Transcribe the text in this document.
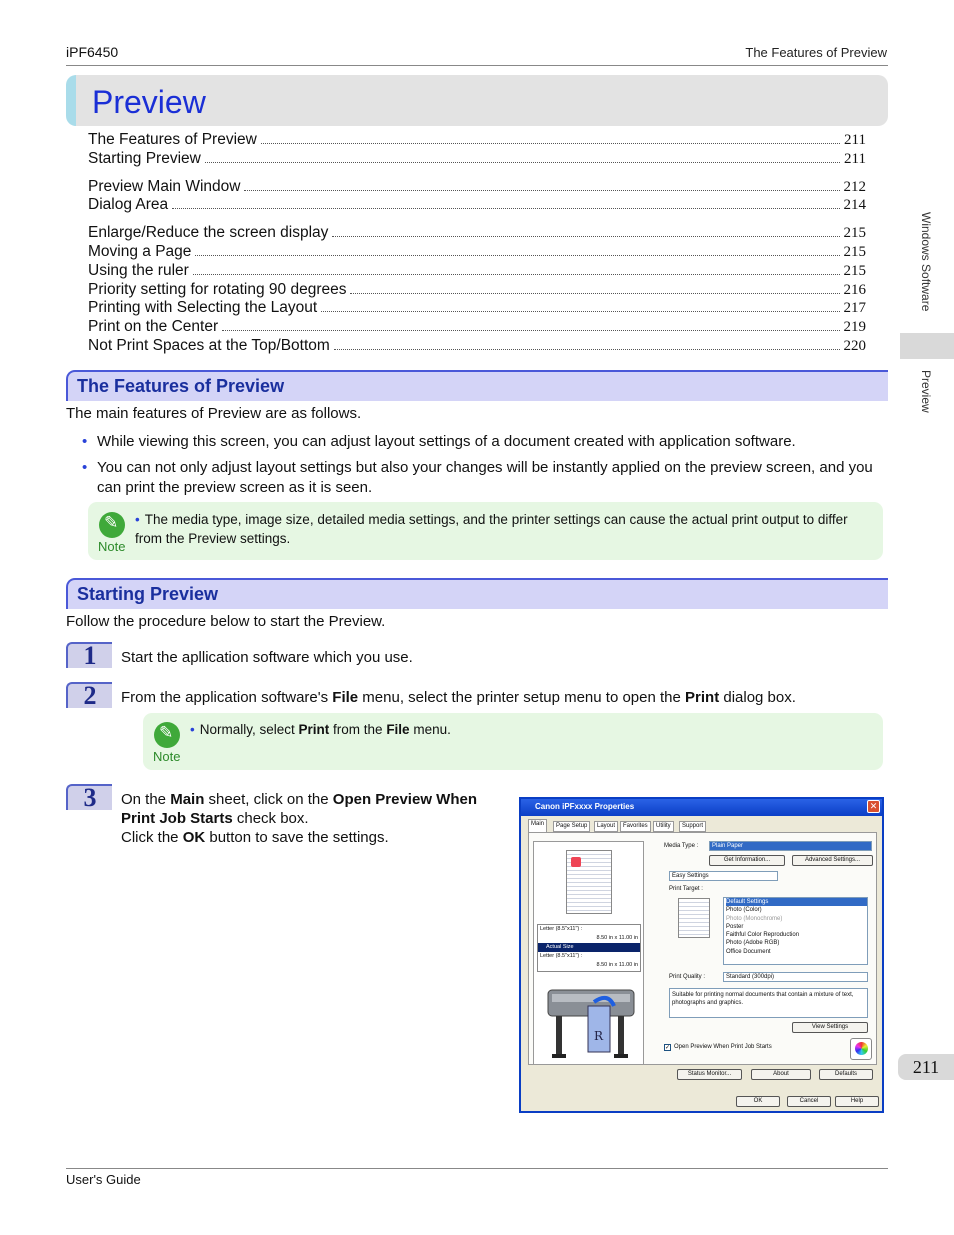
iPF6450	The Features of Preview
Preview
The Features of Preview	211
Starting Preview	211
Preview Main Window	212
Dialog Area	214
Enlarge/Reduce the screen display	215
Moving a Page	215
Using the ruler	215
Priority setting for rotating 90 degrees	216
Printing with Selecting the Layout	217
Print on the Center	219
Not Print Spaces at the Top/Bottom	220
The Features of Preview
The main features of Preview are as follows.
• While viewing this screen, you can adjust layout settings of a document created with application software.
• You can not only adjust layout settings but also your changes will be instantly applied on the preview screen, and you can print the preview screen as it is seen.
✎
Note
• The media type, image size, detailed media settings, and the printer settings can cause the actual print output to differ from the Preview settings.
Starting Preview
Follow the procedure below to start the Preview.
1	Start the apllication software which you use.
2	From the application software's File menu, select the printer setup menu to open the Print dialog box.
✎
Note
• Normally, select Print from the File menu.
3	On the Main sheet, click on the Open Preview When Print Job Starts check box.
Click the OK button to save the settings.
Canon iPFxxxx Properties	✕
Main	Page Setup	Layout	Favorites	Utility	Support
Letter (8.5"x11") :
8.50 in x 11.00 in
Actual Size
Letter (8.5"x11") :
8.50 in x 11.00 in
R
Media Type :	Plain Paper
Get Information...	Advanced Settings...
Easy Settings
Print Target :
Default Settings
Photo (Color)
Photo (Monochrome)
Poster
Faithful Color Reproduction
Photo (Adobe RGB)
Office Document
Print Quality :	Standard (300dpi)
Suitable for printing normal documents that contain a mixture of text, photographs and graphics.
View Settings
✓ Open Preview When Print Job Starts
Status Monitor...	About	Defaults
OK	Cancel	Help
Windows Software
Preview
211
User's Guide
